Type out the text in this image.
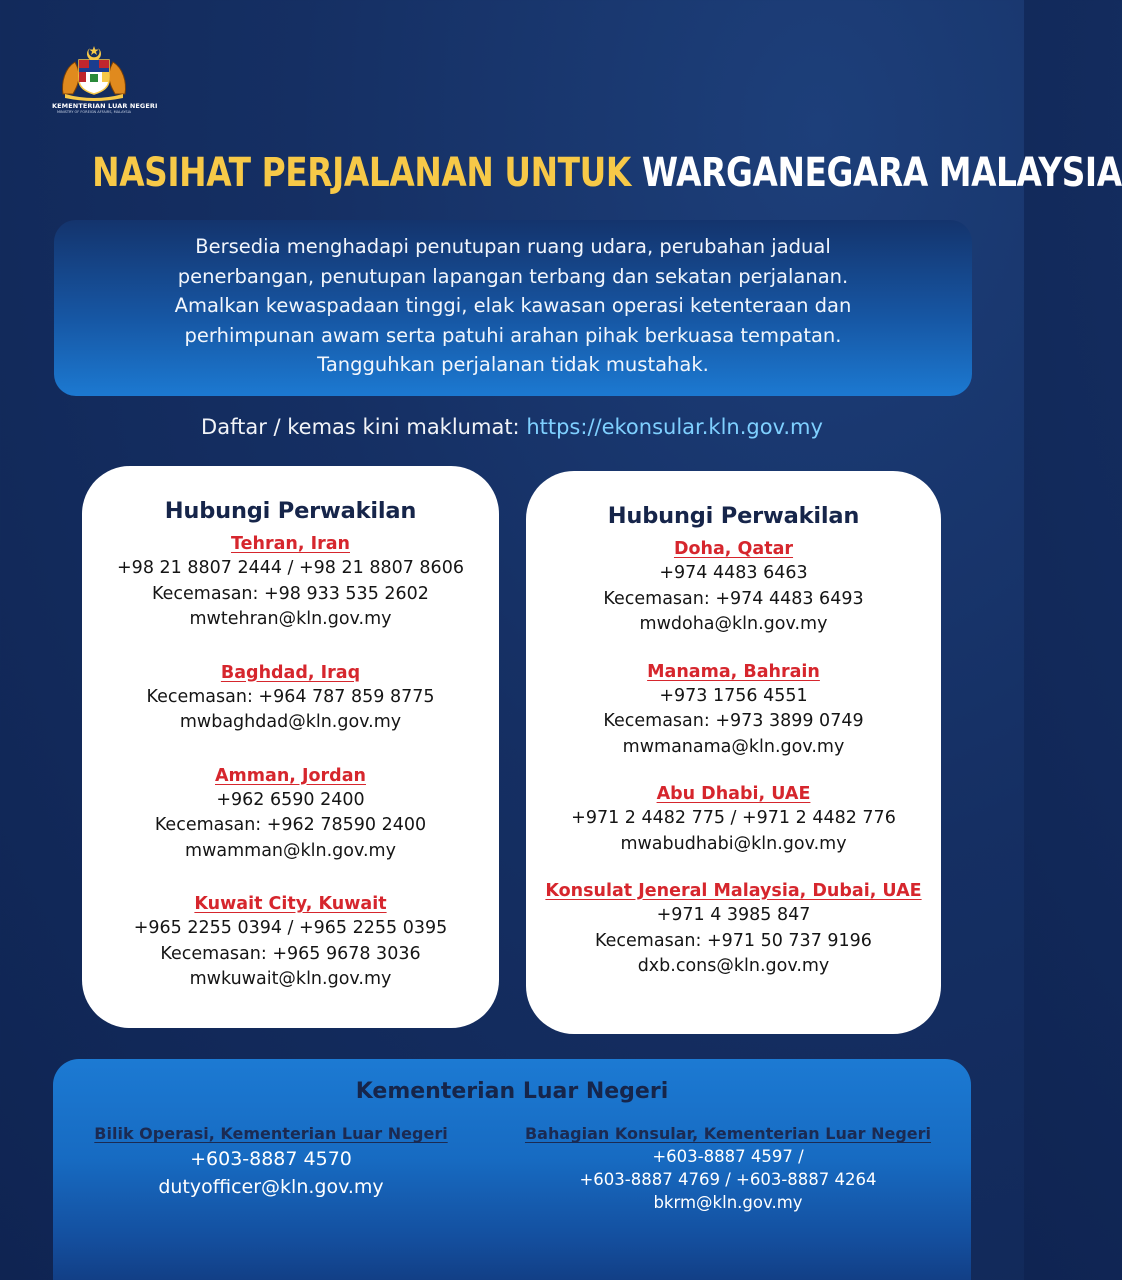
KEMENTERIAN LUAR NEGERI
MINISTRY OF FOREIGN AFFAIRS, MALAYSIA
NASIHAT PERJALANAN UNTUK WARGANEGARA MALAYSIA
Bersedia menghadapi penutupan ruang udara, perubahan jadual
penerbangan, penutupan lapangan terbang dan sekatan perjalanan.
Amalkan kewaspadaan tinggi, elak kawasan operasi ketenteraan dan
perhimpunan awam serta patuhi arahan pihak berkuasa tempatan.
Tangguhkan perjalanan tidak mustahak.
Daftar / kemas kini maklumat: https://ekonsular.kln.gov.my
Hubungi Perwakilan
Tehran, Iran
+98 21 8807 2444 / +98 21 8807 8606
Kecemasan: +98 933 535 2602
mwtehran@kln.gov.my
Baghdad, Iraq
Kecemasan: +964 787 859 8775
mwbaghdad@kln.gov.my
Amman, Jordan
+962 6590 2400
Kecemasan: +962 78590 2400
mwamman@kln.gov.my
Kuwait City, Kuwait
+965 2255 0394 / +965 2255 0395
Kecemasan: +965 9678 3036
mwkuwait@kln.gov.my
Hubungi Perwakilan
Doha, Qatar
+974 4483 6463
Kecemasan: +974 4483 6493
mwdoha@kln.gov.my
Manama, Bahrain
+973 1756 4551
Kecemasan: +973 3899 0749
mwmanama@kln.gov.my
Abu Dhabi, UAE
+971 2 4482 775 / +971 2 4482 776
mwabudhabi@kln.gov.my
Konsulat Jeneral Malaysia, Dubai, UAE
+971 4 3985 847
Kecemasan: +971 50 737 9196
dxb.cons@kln.gov.my
Kementerian Luar Negeri
Bilik Operasi, Kementerian Luar Negeri
+603-8887 4570
dutyofficer@kln.gov.my
Bahagian Konsular, Kementerian Luar Negeri
+603-8887 4597 /
+603-8887 4769 / +603-8887 4264
bkrm@kln.gov.my
